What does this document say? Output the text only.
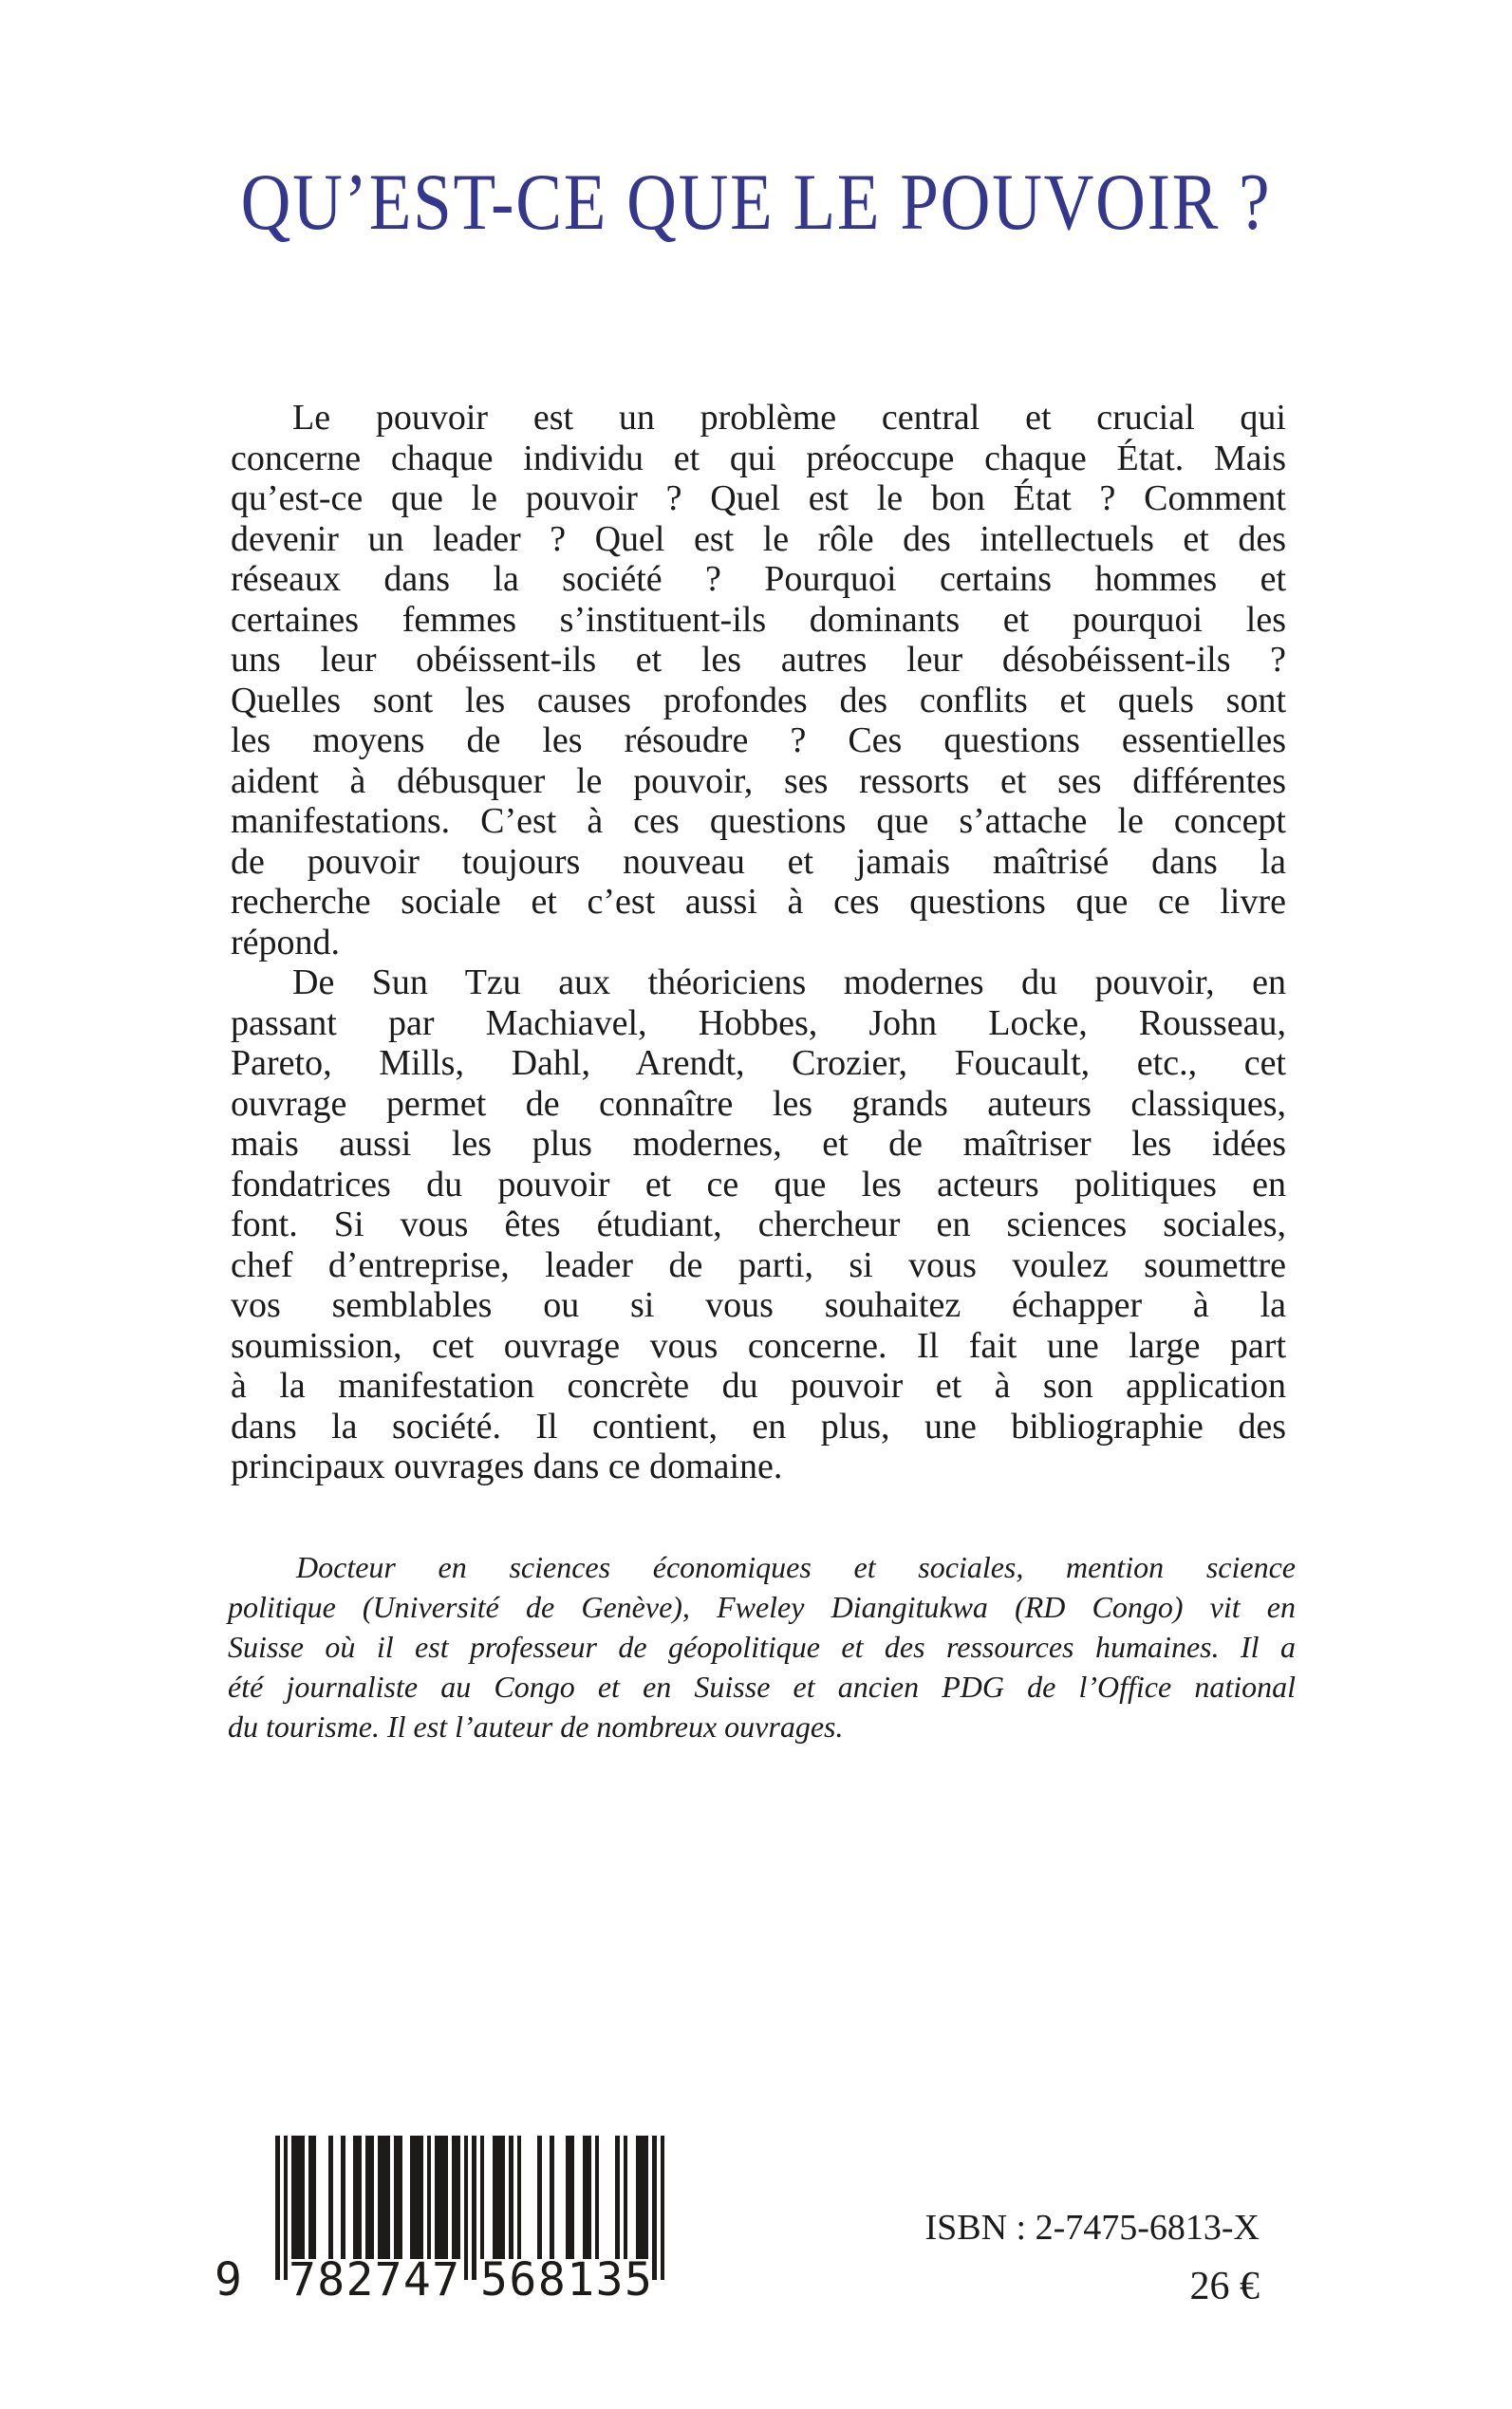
QU’EST-CE QUE LE POUVOIR ?
Le pouvoir est un problème central et crucial qui
concerne chaque individu et qui préoccupe chaque État. Mais
qu’est-ce que le pouvoir ? Quel est le bon État ? Comment
devenir un leader ? Quel est le rôle des intellectuels et des
réseaux dans la société ? Pourquoi certains hommes et
certaines femmes s’instituent-ils dominants et pourquoi les
uns leur obéissent-ils et les autres leur désobéissent-ils ?
Quelles sont les causes profondes des conflits et quels sont
les moyens de les résoudre ? Ces questions essentielles
aident à débusquer le pouvoir, ses ressorts et ses différentes
manifestations. C’est à ces questions que s’attache le concept
de pouvoir toujours nouveau et jamais maîtrisé dans la
recherche sociale et c’est aussi à ces questions que ce livre
répond.
De Sun Tzu aux théoriciens modernes du pouvoir, en
passant par Machiavel, Hobbes, John Locke, Rousseau,
Pareto, Mills, Dahl, Arendt, Crozier, Foucault, etc., cet
ouvrage permet de connaître les grands auteurs classiques,
mais aussi les plus modernes, et de maîtriser les idées
fondatrices du pouvoir et ce que les acteurs politiques en
font. Si vous êtes étudiant, chercheur en sciences sociales,
chef d’entreprise, leader de parti, si vous voulez soumettre
vos semblables ou si vous souhaitez échapper à la
soumission, cet ouvrage vous concerne. Il fait une large part
à la manifestation concrète du pouvoir et à son application
dans la société. Il contient, en plus, une bibliographie des
principaux ouvrages dans ce domaine.
Docteur en sciences économiques et sociales, mention science
politique (Université de Genève), Fweley Diangitukwa (RD Congo) vit en
Suisse où il est professeur de géopolitique et des ressources humaines. Il a
été journaliste au Congo et en Suisse et ancien PDG de l’Office national
du tourisme. Il est l’auteur de nombreux ouvrages.
9 7 8 2 7 4 7 5 6 8 1 3 5
ISBN : 2-7475-6813-X
26 €
